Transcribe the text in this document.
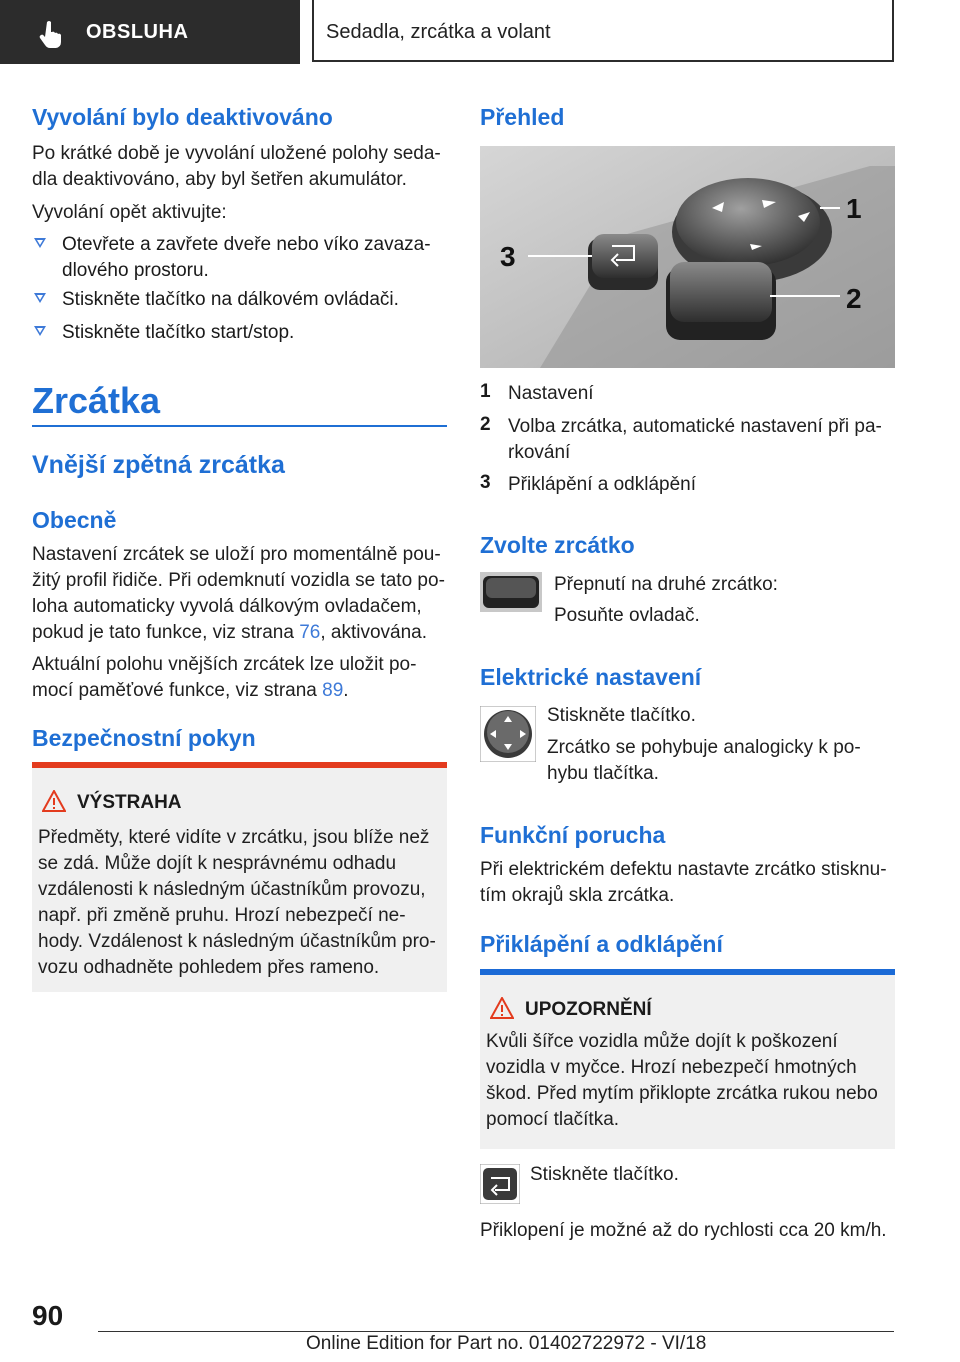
OBSLUHA	Sedadla, zrcátka a volant
Vyvolání bylo deaktivováno
Po krátké době je vyvolání uložené polohy seda‐
dla deaktivováno, aby byl šetřen akumulátor.
Vyvolání opět aktivujte:
Otevřete a zavřete dveře nebo víko zavaza‐
dlového prostoru.
Stiskněte tlačítko na dálkovém ovládači.
Stiskněte tlačítko start/stop.
Zrcátka
Vnější zpětná zrcátka
Obecně
Nastavení zrcátek se uloží pro momentálně pou‐
žitý profil řidiče. Při odemknutí vozidla se tato po‐
loha automaticky vyvolá dálkovým ovladačem,
pokud je tato funkce, viz strana 76, aktivována.
Aktuální polohu vnějších zrcátek lze uložit po‐
mocí paměťové funkce, viz strana 89.
Bezpečnostní pokyn
VÝSTRAHA
Předměty, které vidíte v zrcátku, jsou blíže než
se zdá. Může dojít k nesprávnému odhadu
vzdálenosti k následným účastníkům provozu,
např. při změně pruhu. Hrozí nebezpečí ne‐
hody. Vzdálenost k následným účastníkům pro‐
vozu odhadněte pohledem přes rameno.
Přehled
1
2
3
1 Nastavení
2 Volba zrcátka, automatické nastavení při pa‐
rkování
3 Přiklápění a odklápění
Zvolte zrcátko
Přepnutí na druhé zrcátko:
Posuňte ovladač.
Elektrické nastavení
Stiskněte tlačítko.
Zrcátko se pohybuje analogicky k po‐
hybu tlačítka.
Funkční porucha
Při elektrickém defektu nastavte zrcátko stisknu‐
tím okrajů skla zrcátka.
Přiklápění a odklápění
UPOZORNĚNÍ
Kvůli šířce vozidla může dojít k poškození
vozidla v myčce. Hrozí nebezpečí hmotných
škod. Před mytím přiklopte zrcátka rukou nebo
pomocí tlačítka.
Stiskněte tlačítko.
Přiklopení je možné až do rychlosti cca 20 km/h.
90
Online Edition for Part no. 01402722972 - VI/18
